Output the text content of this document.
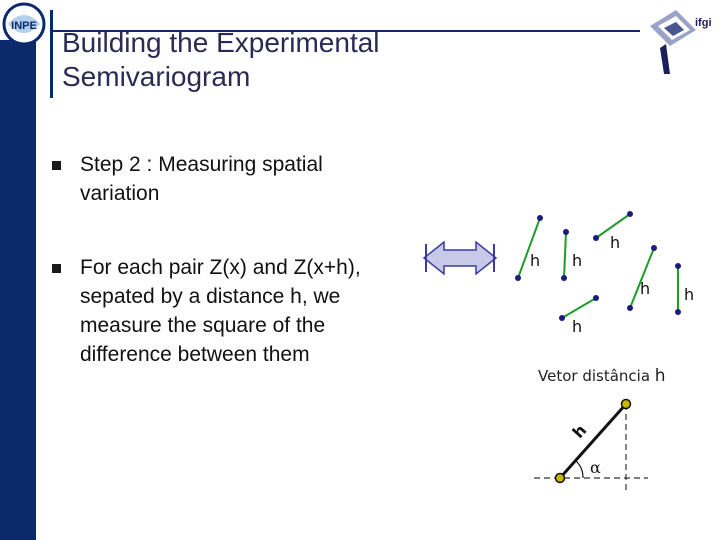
INPE	ifgi
Building the Experimental
Semivariogram
Step 2 : Measuring spatial variation
For each pair Z(x) and Z(x+h), sepated by a distance h, we measure the square of the difference between them
h h
h
h h
h
Vetor distância h
α
h
